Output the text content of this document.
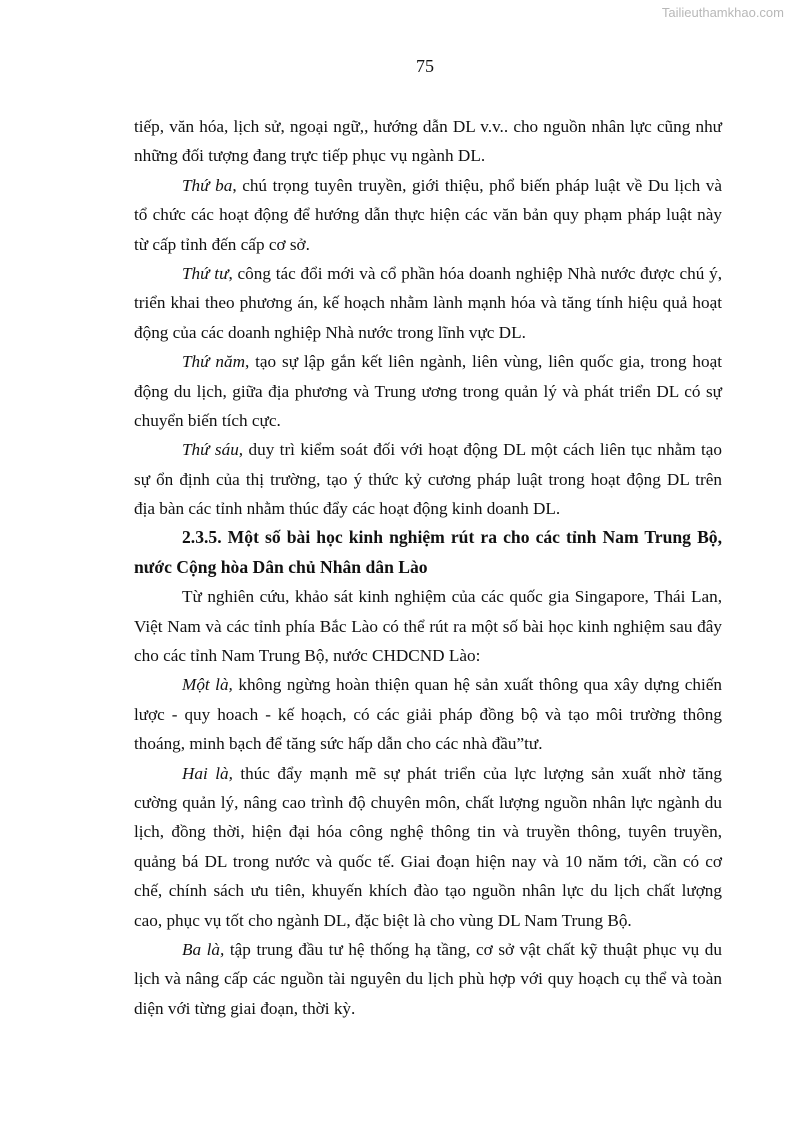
Tailieuthamkhao.com
75
tiếp, văn hóa, lịch sử, ngoại ngữ,, hướng dẫn DL v.v.. cho nguồn nhân lực cũng như
những đối tượng đang trực tiếp phục vụ ngành DL.
Thứ ba, chú trọng tuyên truyền, giới thiệu, phổ biến pháp luật về Du lịch và
tổ chức các hoạt động để hướng dẫn thực hiện các văn bản quy phạm pháp luật này
từ cấp tỉnh đến cấp cơ sở.
Thứ tư, công tác đổi mới và cổ phần hóa doanh nghiệp Nhà nước được chú ý,
triển khai theo phương án, kế hoạch nhằm lành mạnh hóa và tăng tính hiệu quả hoạt
động của các doanh nghiệp Nhà nước trong lĩnh vực DL.
Thứ năm, tạo sự lập gắn kết liên ngành, liên vùng, liên quốc gia, trong hoạt
động du lịch, giữa địa phương và Trung ương trong quản lý và phát triển DL có sự
chuyển biến tích cực.
Thứ sáu, duy trì kiểm soát đối với hoạt động DL một cách liên tục nhằm tạo
sự ổn định của thị trường, tạo ý thức kỷ cương pháp luật trong hoạt động DL trên
địa bàn các tỉnh nhằm thúc đẩy các hoạt động kinh doanh DL.
2.3.5. Một số bài học kinh nghiệm rút ra cho các tỉnh Nam Trung Bộ,
nước Cộng hòa Dân chủ Nhân dân Lào
Từ nghiên cứu, khảo sát kinh nghiệm của các quốc gia Singapore, Thái Lan,
Việt Nam và các tỉnh phía Bắc Lào có thể rút ra một số bài học kinh nghiệm sau đây
cho các tỉnh Nam Trung Bộ, nước CHDCND Lào:
Một là, không ngừng hoàn thiện quan hệ sản xuất thông qua xây dựng chiến
lược - quy hoach - kế hoạch, có các giải pháp đồng bộ và tạo môi trường thông
thoáng, minh bạch để tăng sức hấp dẫn cho các nhà đầu”tư.
Hai là, thúc đẩy mạnh mẽ sự phát triển của lực lượng sản xuất nhờ tăng
cường quản lý, nâng cao trình độ chuyên môn, chất lượng nguồn nhân lực ngành du
lịch, đồng thời, hiện đại hóa công nghệ thông tin và truyền thông, tuyên truyền,
quảng bá DL trong nước và quốc tế. Giai đoạn hiện nay và 10 năm tới, cần có cơ
chế, chính sách ưu tiên, khuyến khích đào tạo nguồn nhân lực du lịch chất lượng
cao, phục vụ tốt cho ngành DL, đặc biệt là cho vùng DL Nam Trung Bộ.
Ba là, tập trung đầu tư hệ thống hạ tầng, cơ sở vật chất kỹ thuật phục vụ du
lịch và nâng cấp các nguồn tài nguyên du lịch phù hợp với quy hoạch cụ thể và toàn
diện với từng giai đoạn, thời kỳ.
